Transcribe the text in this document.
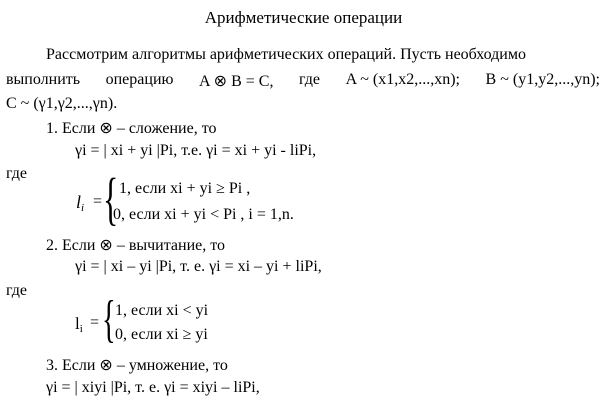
Арифметические операции
Рассмотрим алгоритмы арифметических операций. Пусть необходимо
выполнить операцию A ⊗ B = C, где A ~ (x1,x2,...,xn); B ~ (y1,y2,...,yn);
C ~ (γ1,γ2,...,γn).
1. Если ⊗ – сложение, то
γi = | xi + yi |Pi, т.е. γi = xi + yi - liPi,
где
$l_i$ = { 1, если xi + yi ≥ Pi ,
0, если xi + yi < Pi , i = 1,n.
2. Если ⊗ – вычитание, то
γi = | xi – yi |Pi, т. е. γi = xi – yi + liPi,
где
$l_i$ = { 1, если xi < yi
0, если xi ≥ yi
3. Если ⊗ – умножение, то
γi = | xiyi |Pi, т. е. γi = xiyi – liPi,
